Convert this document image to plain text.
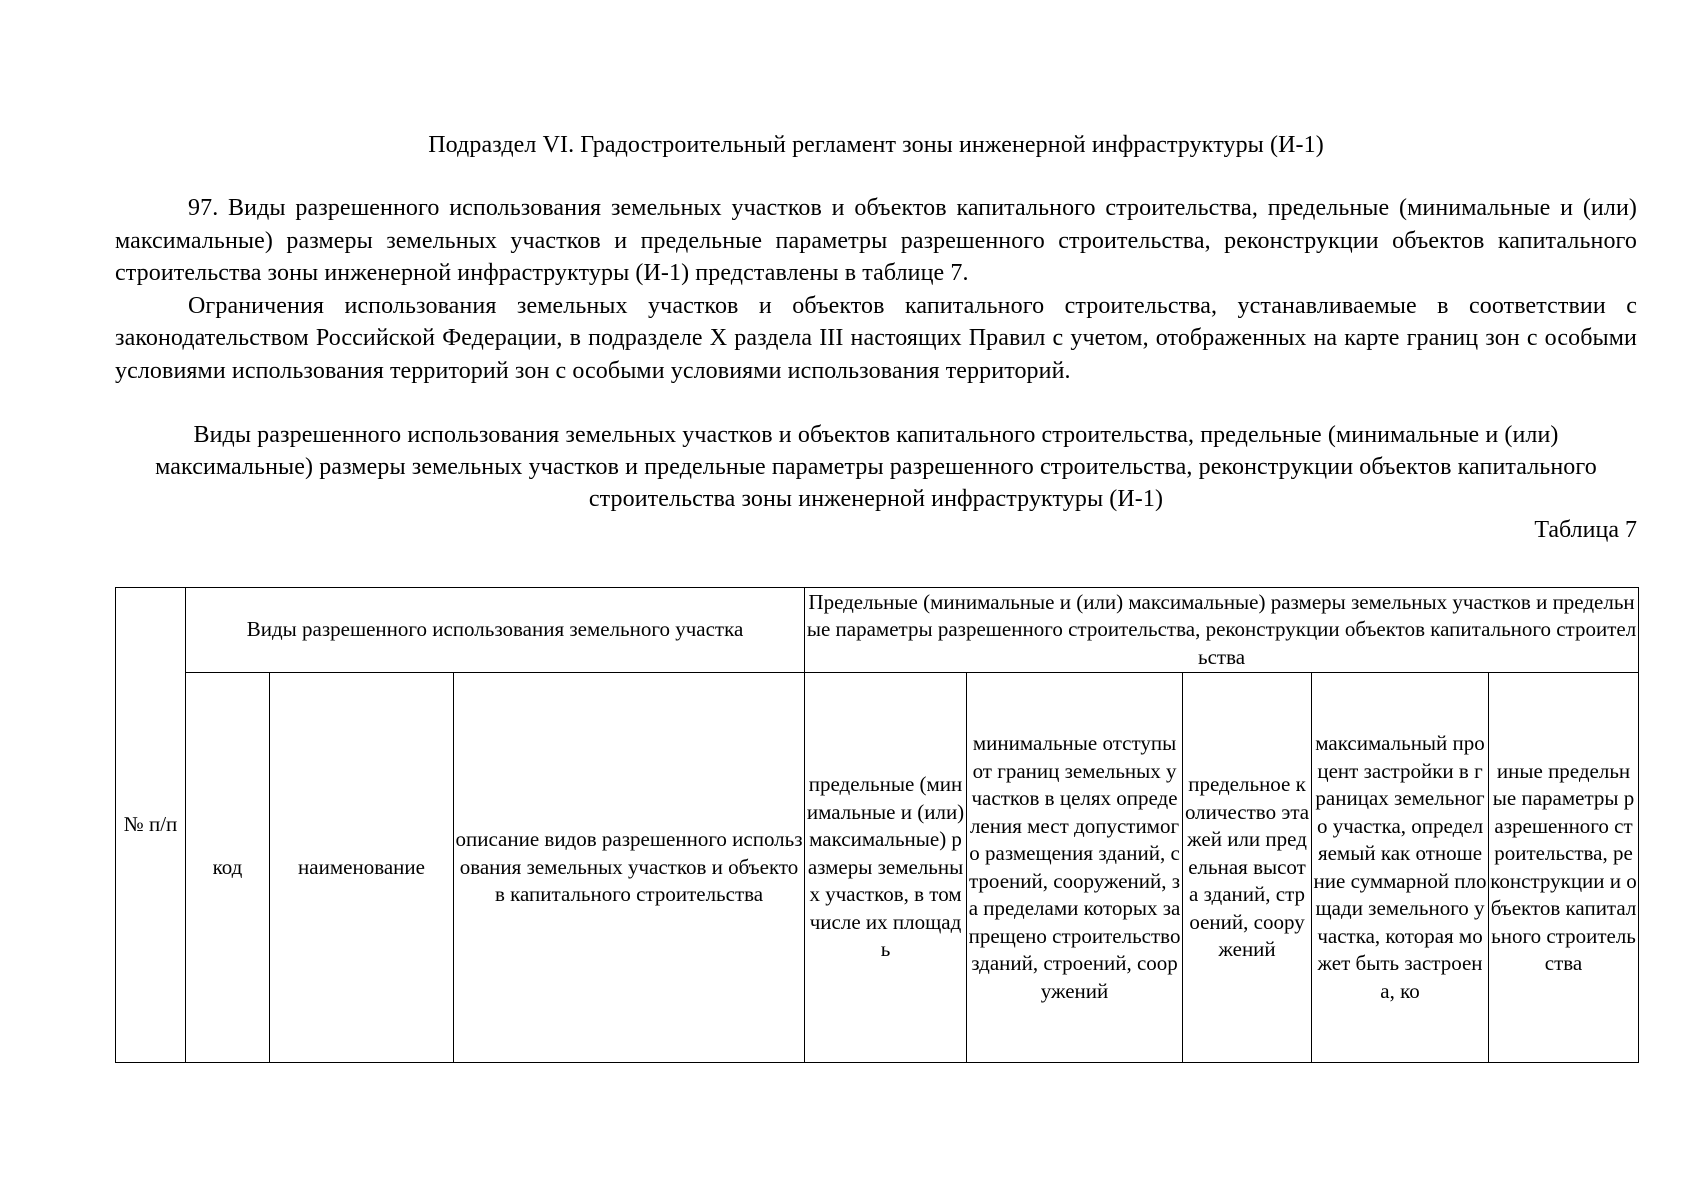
Подраздел VI. Градостроительный регламент зоны инженерной инфраструктуры (И-1)

97. Виды разрешенного использования земельных участков и объектов капитального строительства, предельные (минимальные и (или) максимальные) размеры земельных участков и предельные параметры разрешенного строительства, реконструкции объектов капитального строительства зоны инженерной инфраструктуры (И-1) представлены в таблице 7.

Ограничения использования земельных участков и объектов капитального строительства, устанавливаемые в соответствии с законодательством Российской Федерации, в подразделе X раздела III настоящих Правил с учетом, отображенных на карте границ зон с особыми условиями использования территорий зон с особыми условиями использования территорий.

Виды разрешенного использования земельных участков и объектов капитального строительства, предельные (минимальные и (или) максимальные) размеры земельных участков и предельные параметры разрешенного строительства, реконструкции объектов капитального строительства зоны инженерной инфраструктуры (И-1)
Таблица 7
№ п/п	Виды разрешенного использования земельного участка			Предельные (минимальные и (или) максимальные) размеры земельных участков и предельные параметры разрешенного строительства, реконструкции объектов капитального строительства				
	код	наименование	описание видов разрешенного использования земельных участков и объектов капитального строительства	предельные (минимальные и (или) максимальные) размеры земельных участков, в том числе их площадь	минимальные отступы от границ земельных участков в целях определения мест допустимого размещения зданий, строений, сооружений, за пределами которых запрещено строительство зданий, строений, сооружений	предельное количество этажей или предельная высота зданий, строений, сооружений	максимальный процент застройки в границах земельного участка, определяемый как отношение суммарной площади земельного участка, которая может быть застроена, ко	иные предельные параметры разрешенного строительства, реконструкции и объектов капитального строительства
